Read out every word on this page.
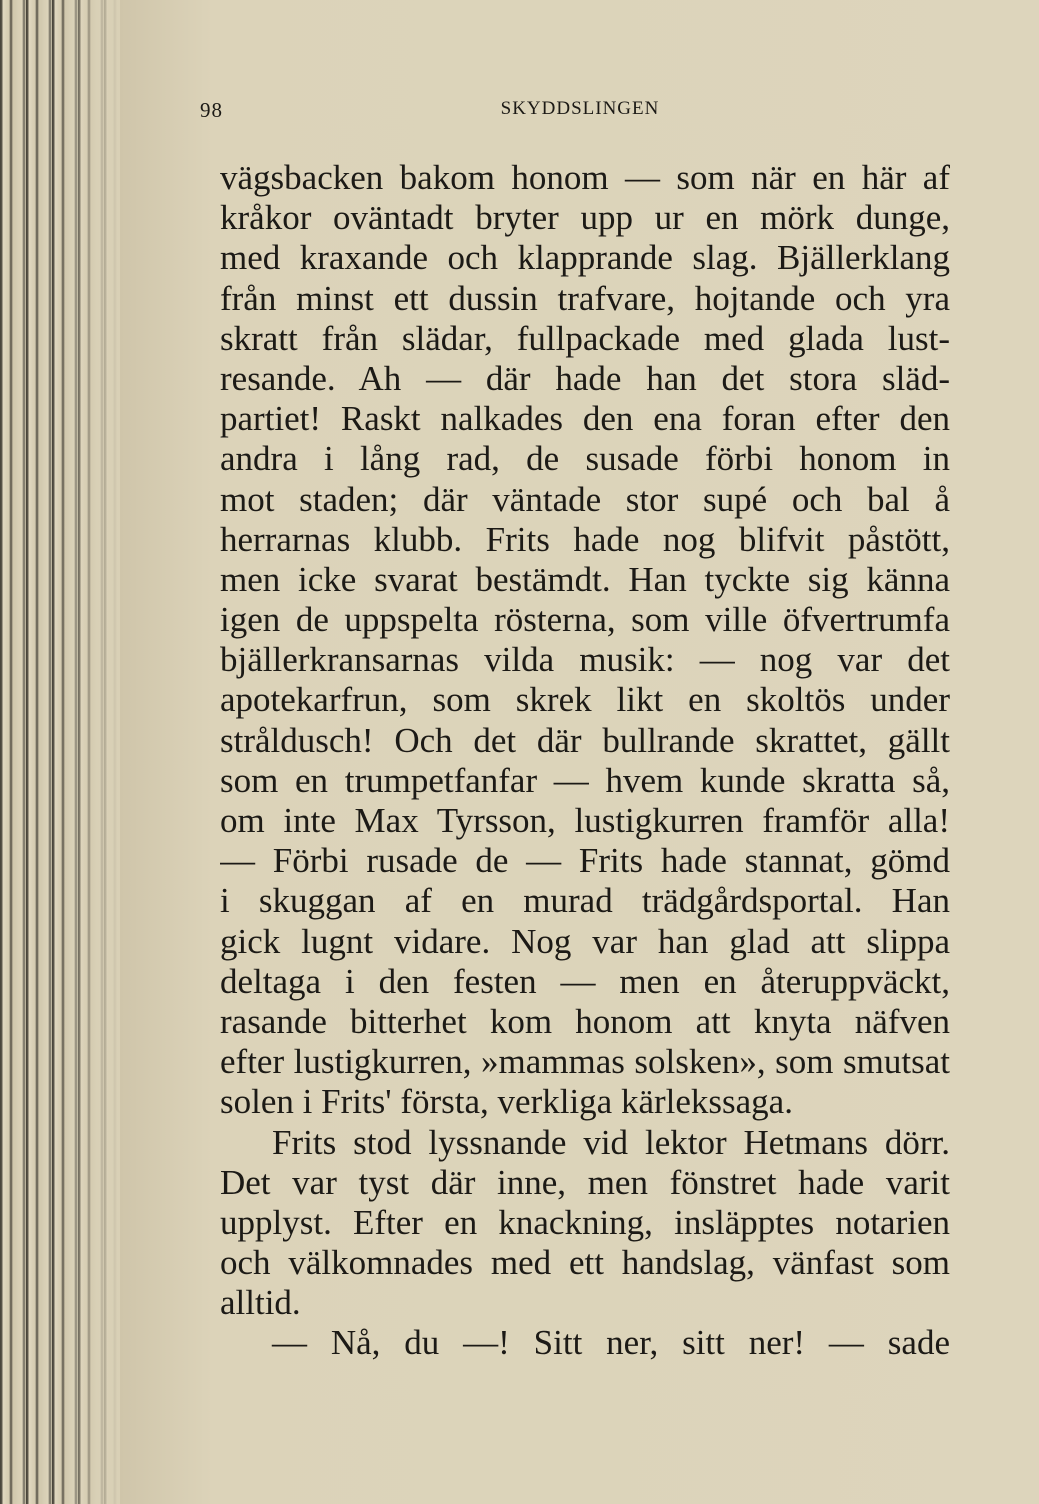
98	SKYDDSLINGEN
vägsbacken bakom honom — som när en här af
kråkor oväntadt bryter upp ur en mörk dunge,
med kraxande och klapprande slag. Bjällerklang
från minst ett dussin trafvare, hojtande och yra
skratt från slädar, fullpackade med glada lust-
resande. Ah — där hade han det stora släd-
partiet! Raskt nalkades den ena foran efter den
andra i lång rad, de susade förbi honom in
mot staden; där väntade stor supé och bal å
herrarnas klubb. Frits hade nog blifvit påstött,
men icke svarat bestämdt. Han tyckte sig känna
igen de uppspelta rösterna, som ville öfvertrumfa
bjällerkransarnas vilda musik: — nog var det
apotekarfrun, som skrek likt en skoltös under
stråldusch! Och det där bullrande skrattet, gällt
som en trumpetfanfar — hvem kunde skratta så,
om inte Max Tyrsson, lustigkurren framför alla!
— Förbi rusade de — Frits hade stannat, gömd
i skuggan af en murad trädgårdsportal. Han
gick lugnt vidare. Nog var han glad att slippa
deltaga i den festen — men en återuppväckt,
rasande bitterhet kom honom att knyta näfven
efter lustigkurren, »mammas solsken», som smutsat
solen i Frits' första, verkliga kärlekssaga.
Frits stod lyssnande vid lektor Hetmans dörr.
Det var tyst där inne, men fönstret hade varit
upplyst. Efter en knackning, insläpptes notarien
och välkomnades med ett handslag, vänfast som
alltid.
— Nå, du —! Sitt ner, sitt ner! — sade
